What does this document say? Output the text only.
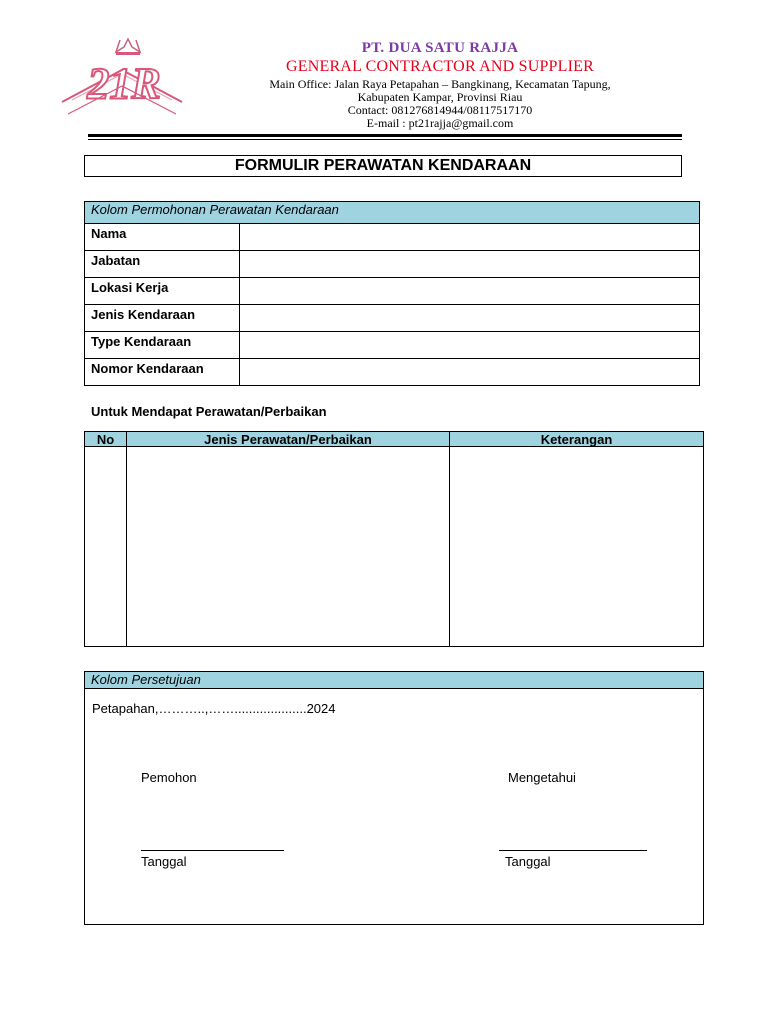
21R
PT. DUA SATU RAJJA
GENERAL CONTRACTOR AND SUPPLIER
Main Office: Jalan Raya Petapahan – Bangkinang, Kecamatan Tapung,
Kabupaten Kampar, Provinsi Riau
Contact: 081276814944/08117517170
E-mail : pt21rajja@gmail.com
FORMULIR PERAWATAN KENDARAAN
Kolom Permohonan Perawatan Kendaraan	
Nama	
Jabatan	
Lokasi Kerja	
Jenis Kendaraan	
Type Kendaraan	
Nomor Kendaraan	
Untuk Mendapat Perawatan/Perbaikan
No	Jenis Perawatan/Perbaikan	Keterangan

Kolom Persetujuan
Petapahan,………..,……....................2024
Pemohon	Mengetahui
Tanggal	Tanggal
